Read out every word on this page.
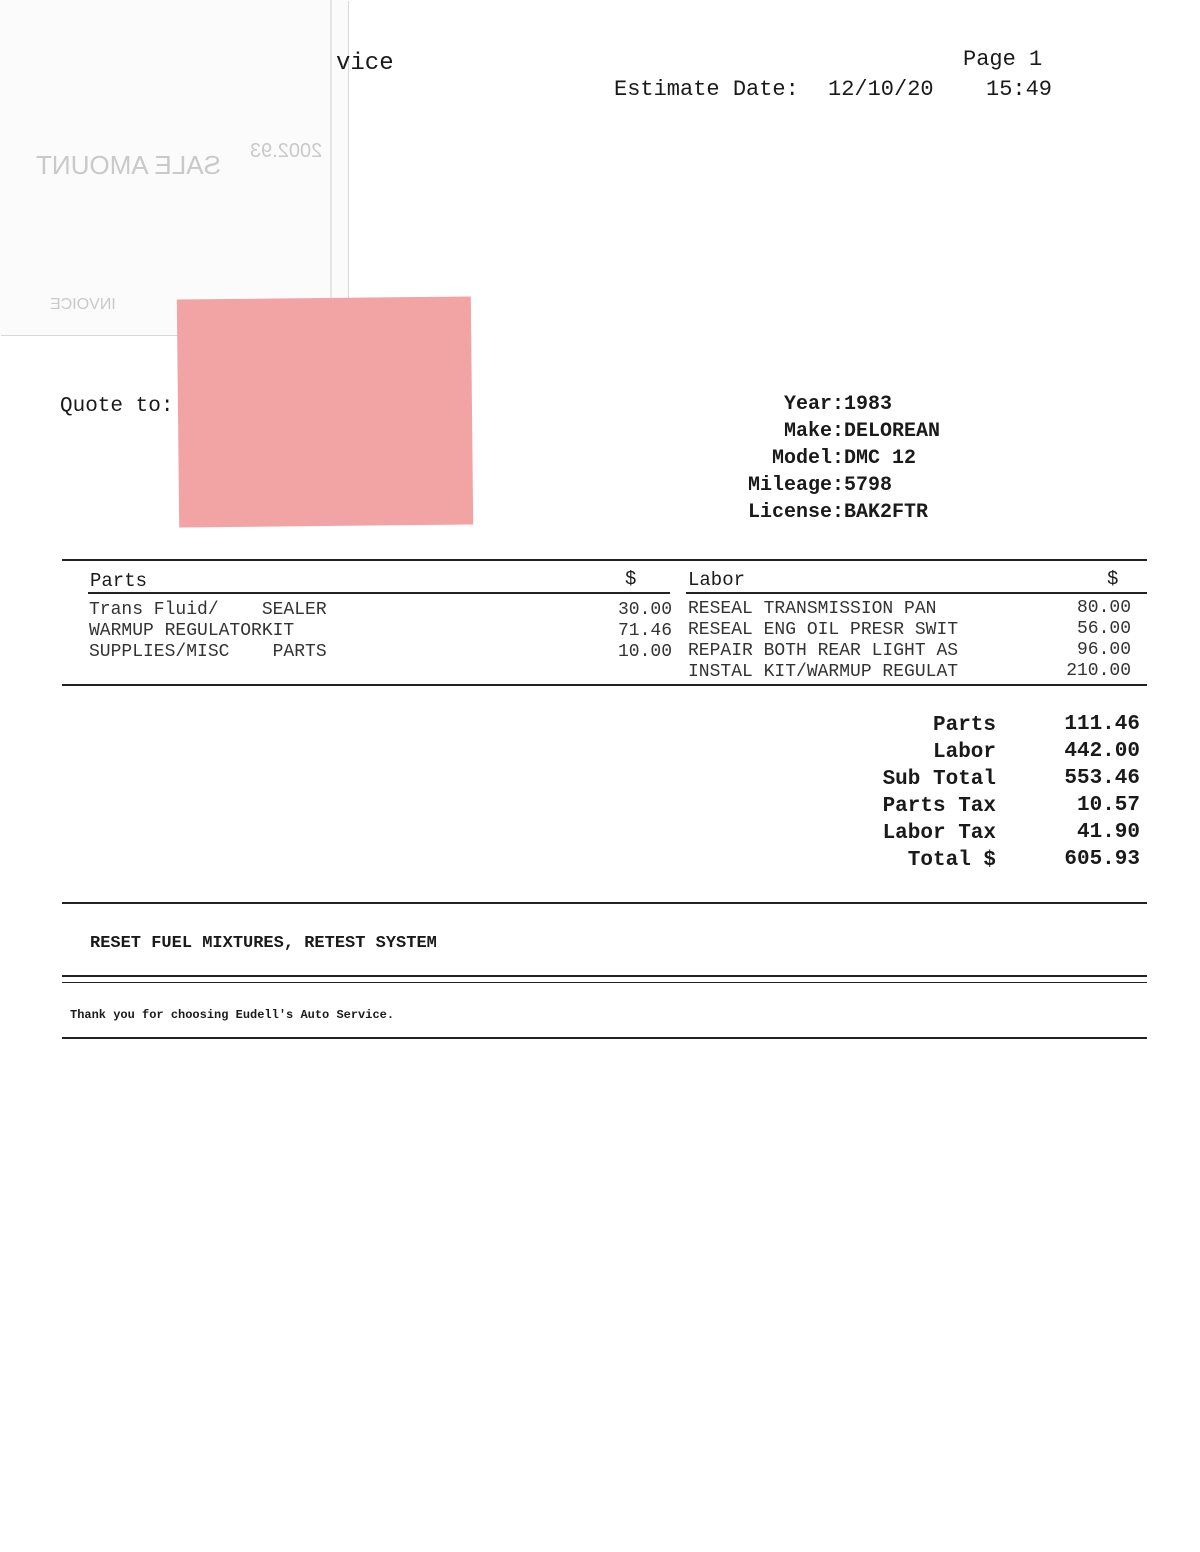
SALE AMOUNT 2002.93
INVOICE
vice	Page 1
Estimate Date: 12/10/20 15:49
Quote to:	Year: 1983
Make: DELOREAN
Model: DMC 12
Mileage: 5798
License: BAK2FTR
Parts	$	Labor	$
Trans Fluid/    SEALER	30.00
WARMUP REGULATORKIT	71.46
SUPPLIES/MISC    PARTS	10.00
RESEAL TRANSMISSION PAN	80.00
RESEAL ENG OIL PRESR SWIT	56.00
REPAIR BOTH REAR LIGHT AS	96.00
INSTAL KIT/WARMUP REGULAT	210.00
Parts	111.46
Labor	442.00
Sub Total	553.46
Parts Tax	10.57
Labor Tax	41.90
Total $	605.93
RESET FUEL MIXTURES, RETEST SYSTEM
Thank you for choosing Eudell's Auto Service.
